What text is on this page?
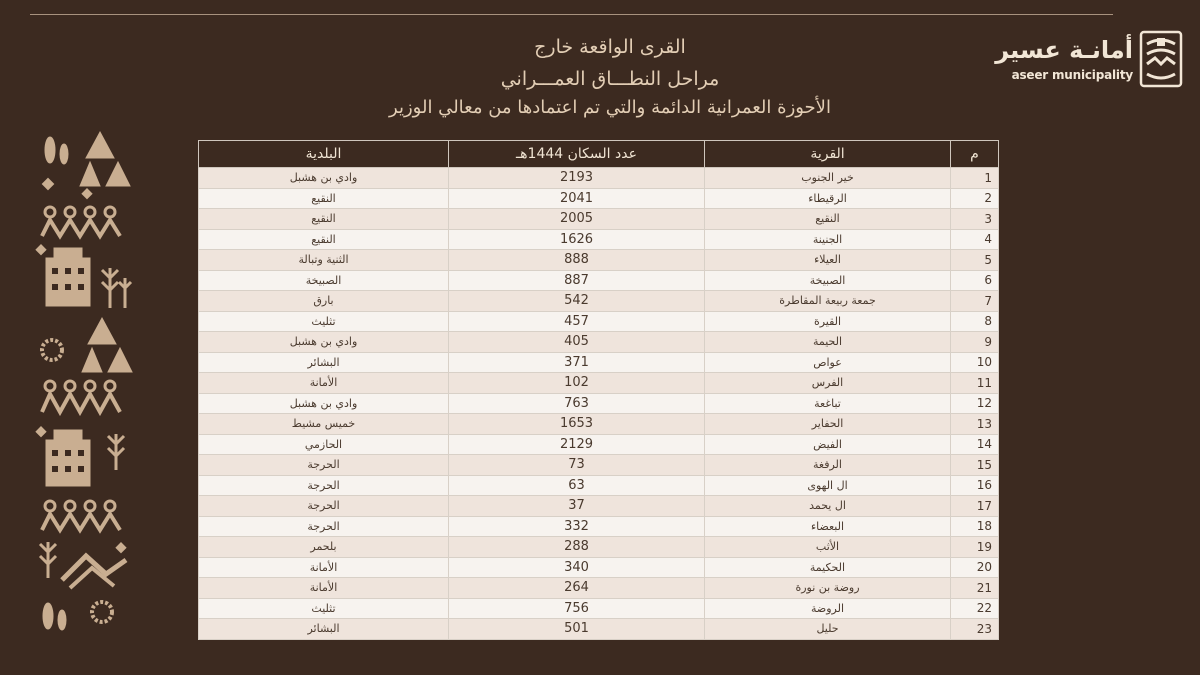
أمانـة عسير
aseer municipality
القرى الواقعة خارج
مراحل النطـــاق العمـــراني
الأحوزة العمرانية الدائمة والتي تم اعتمادها من معالي الوزير
م	القرية	عدد السكان 1444هـ	البلدية
1	خير الجنوب	2193	وادي بن هشبل
2	الرقيطاء	2041	النقيع
3	النقيع	2005	النقيع
4	الجنينة	1626	النقيع
5	العيلاء	888	الثنية وتبالة
6	الصبيخة	887	الصبيخة
7	جمعة ربيعة المقاطرة	542	بارق
8	القيرة	457	تثليث
9	الحيمة	405	وادي بن هشبل
10	عواص	371	البشائر
11	الفرس	102	الأمانة
12	تباغعة	763	وادي بن هشبل
13	الحفاير	1653	خميس مشيط
14	الفيض	2129	الحازمي
15	الرفغة	73	الحرجة
16	ال الهوى	63	الحرجة
17	ال يحمد	37	الحرجة
18	البعضاء	332	الحرجة
19	الأثب	288	بلحمر
20	الحكيمة	340	الأمانة
21	روضة بن نورة	264	الأمانة
22	الروضة	756	تثليث
23	حليل	501	البشائر
